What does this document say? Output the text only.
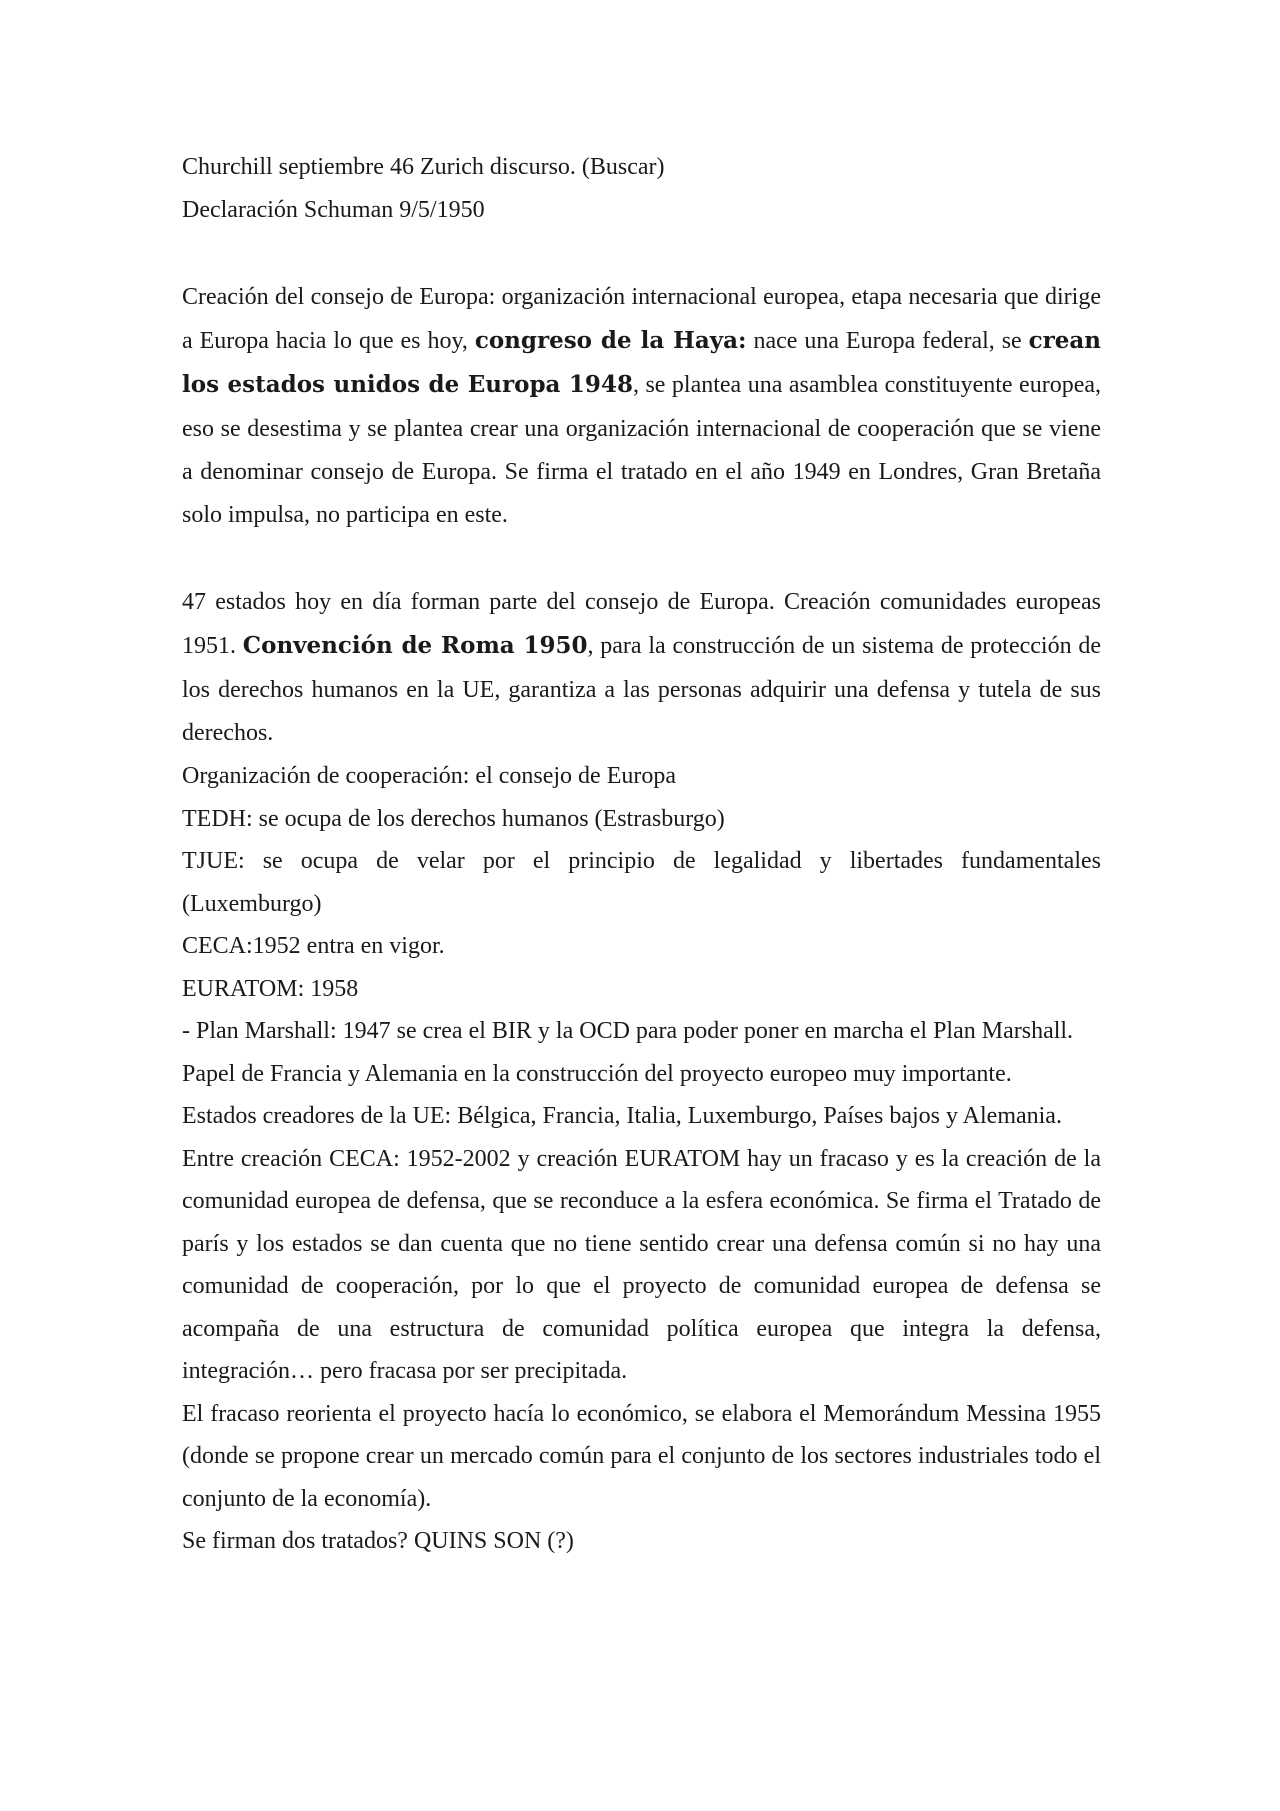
Churchill septiembre 46 Zurich discurso. (Buscar)

Declaración Schuman 9/5/1950

Creación del consejo de Europa: organización internacional europea, etapa necesaria que dirige a Europa hacia lo que es hoy, congreso de la Haya: nace una Europa federal, se crean los estados unidos de Europa 1948, se plantea una asamblea constituyente europea, eso se desestima y se plantea crear una organización internacional de cooperación que se viene a denominar consejo de Europa. Se firma el tratado en el año 1949 en Londres, Gran Bretaña solo impulsa, no participa en este.

47 estados hoy en día forman parte del consejo de Europa. Creación comunidades europeas 1951. Convención de Roma 1950, para la construcción de un sistema de protección de los derechos humanos en la UE, garantiza a las personas adquirir una defensa y tutela de sus derechos.

Organización de cooperación: el consejo de Europa

TEDH: se ocupa de los derechos humanos (Estrasburgo)

TJUE: se ocupa de velar por el principio de legalidad y libertades fundamentales (Luxemburgo)

CECA:1952 entra en vigor.

EURATOM: 1958

- Plan Marshall: 1947 se crea el BIR y la OCD para poder poner en marcha el Plan Marshall.

Papel de Francia y Alemania en la construcción del proyecto europeo muy importante.

Estados creadores de la UE: Bélgica, Francia, Italia, Luxemburgo, Países bajos y Alemania.

Entre creación CECA: 1952-2002 y creación EURATOM hay un fracaso y es la creación de la comunidad europea de defensa, que se reconduce a la esfera económica. Se firma el Tratado de parís y los estados se dan cuenta que no tiene sentido crear una defensa común si no hay una comunidad de cooperación, por lo que el proyecto de comunidad europea de defensa se acompaña de una estructura de comunidad política europea que integra la defensa, integración… pero fracasa por ser precipitada.

El fracaso reorienta el proyecto hacía lo económico, se elabora el Memorándum Messina 1955 (donde se propone crear un mercado común para el conjunto de los sectores industriales todo el conjunto de la economía).

Se firman dos tratados? QUINS SON (?)
